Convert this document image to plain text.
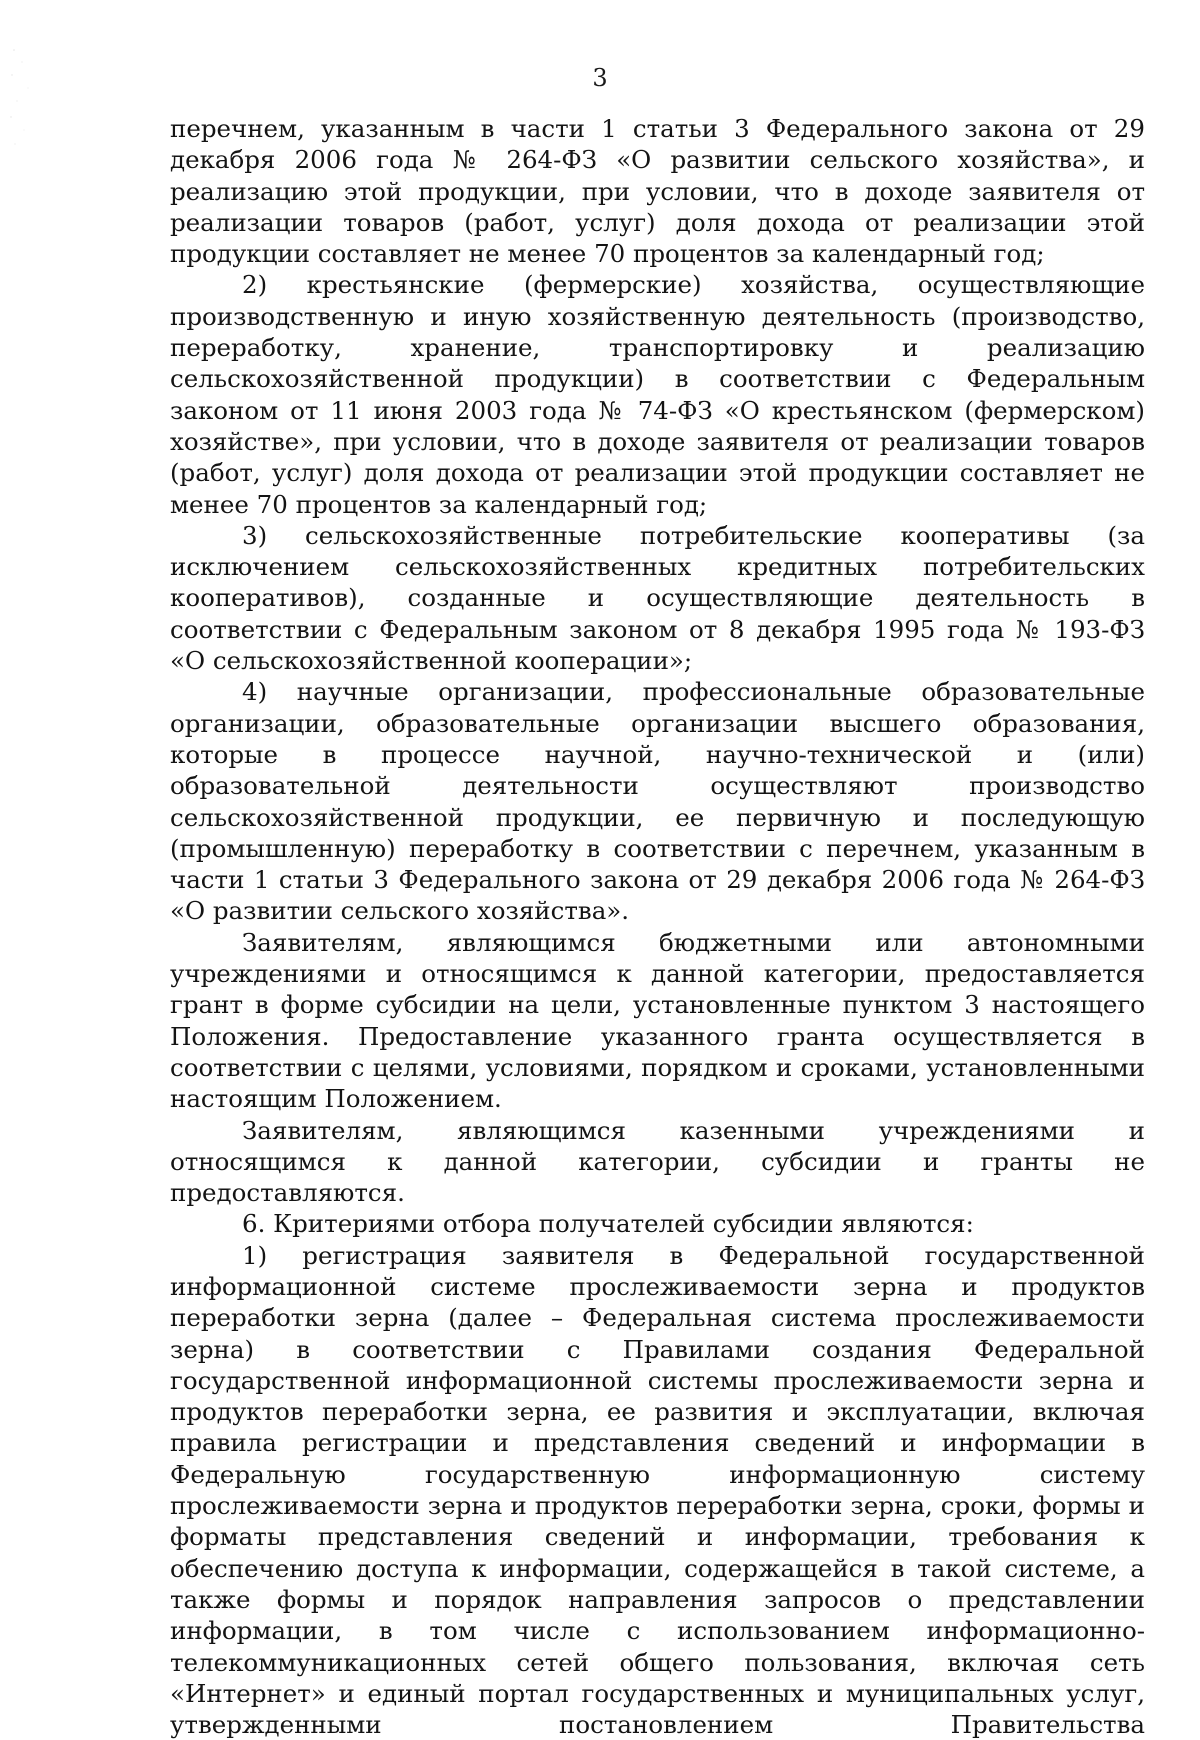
3

перечнем, указанным в части 1 статьи 3 Федерального закона от 29 декабря 2006 года № 264-ФЗ «О развитии сельского хозяйства», и реализацию этой продукции, при условии, что в доходе заявителя от реализации товаров (работ, услуг) доля дохода от реализации этой продукции составляет не менее 70 процентов за календарный год;

2) крестьянские (фермерские) хозяйства, осуществляющие производственную и иную хозяйственную деятельность (производство, переработку, хранение, транспортировку и реализацию сельскохозяйственной продукции) в соответствии с Федеральным законом от 11 июня 2003 года № 74-ФЗ «О крестьянском (фермерском) хозяйстве», при условии, что в доходе заявителя от реализации товаров (работ, услуг) доля дохода от реализации этой продукции составляет не менее 70 процентов за календарный год;

3) сельскохозяйственные потребительские кооперативы (за исключением сельскохозяйственных кредитных потребительских кооперативов), созданные и осуществляющие деятельность в соответствии с Федеральным законом от 8 декабря 1995 года № 193-ФЗ «О сельскохозяйственной кооперации»;

4) научные организации, профессиональные образовательные организации, образовательные организации высшего образования, которые в процессе научной, научно-технической и (или) образовательной деятельности осуществляют производство сельскохозяйственной продукции, ее первичную и последующую (промышленную) переработку в соответствии с перечнем, указанным в части 1 статьи 3 Федерального закона от 29 декабря 2006 года № 264-ФЗ «О развитии сельского хозяйства».

Заявителям, являющимся бюджетными или автономными учреждениями и относящимся к данной категории, предоставляется грант в форме субсидии на цели, установленные пунктом 3 настоящего Положения. Предоставление указанного гранта осуществляется в соответствии с целями, условиями, порядком и сроками, установленными настоящим Положением.

Заявителям, являющимся казенными учреждениями и относящимся к данной категории, субсидии и гранты не предоставляются.

6. Критериями отбора получателей субсидии являются:

1) регистрация заявителя в Федеральной государственной информационной системе прослеживаемости зерна и продуктов переработки зерна (далее – Федеральная система прослеживаемости зерна) в соответствии с Правилами создания Федеральной государственной информационной системы прослеживаемости зерна и продуктов переработки зерна, ее развития и эксплуатации, включая правила регистрации и представления сведений и информации в Федеральную государственную информационную систему прослеживаемости зерна и продуктов переработки зерна, сроки, формы и форматы представления сведений и информации, требования к обеспечению доступа к информации, содержащейся в такой системе, а также формы и порядок направления запросов о представлении информации, в том числе с использованием информационно-телекоммуникационных сетей общего пользования, включая сеть «Интернет» и единый портал государственных и муниципальных услуг, утвержденными постановлением Правительства
